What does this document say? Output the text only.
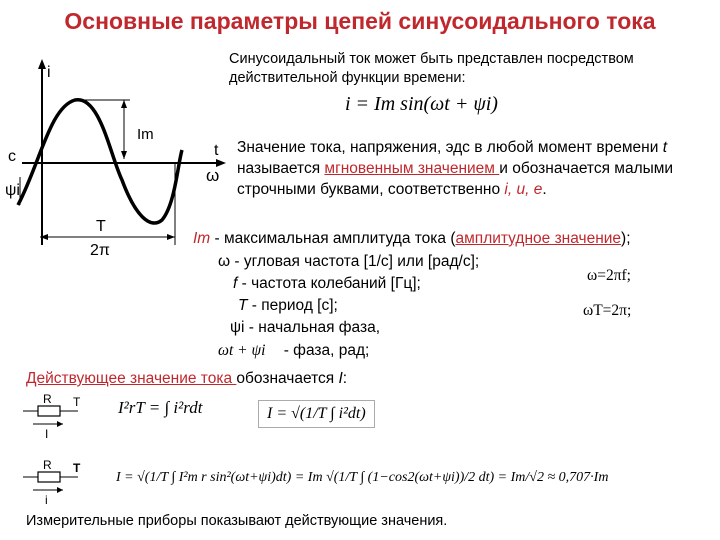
Основные параметры цепей синусоидального тока
i
t
ω
Im
c
ψi
T
2π
Синусоидальный ток может быть представлен посредством действительной функции времени:
i = Im sin(ωt + ψi)
Значение тока, напряжения, эдс в любой момент времени t называется мгновенным значением и обозначается малыми строчными буквами, соответственно i, u, e.
Im - максимальная амплитуда тока (амплитудное значение);
ω - угловая частота [1/с] или [рад/с];
f - частота колебаний [Гц];
T - период [с];
ψi - начальная фаза,
ωt + ψi - фаза, рад;
ω=2πf;
ωT=2π;
Действующее значение тока обозначается I:
R T
I
R T
i
I²rT = ∫ i²rdt	I = √(1/T ∫ i²dt)
I = √(1/T ∫ I²m r sin²(ωt+ψi)dt) = Im √(1/T ∫ (1−cos2(ωt+ψi))/2 dt) = Im/√2 ≈ 0,707·Im
Измерительные приборы показывают действующие значения.
